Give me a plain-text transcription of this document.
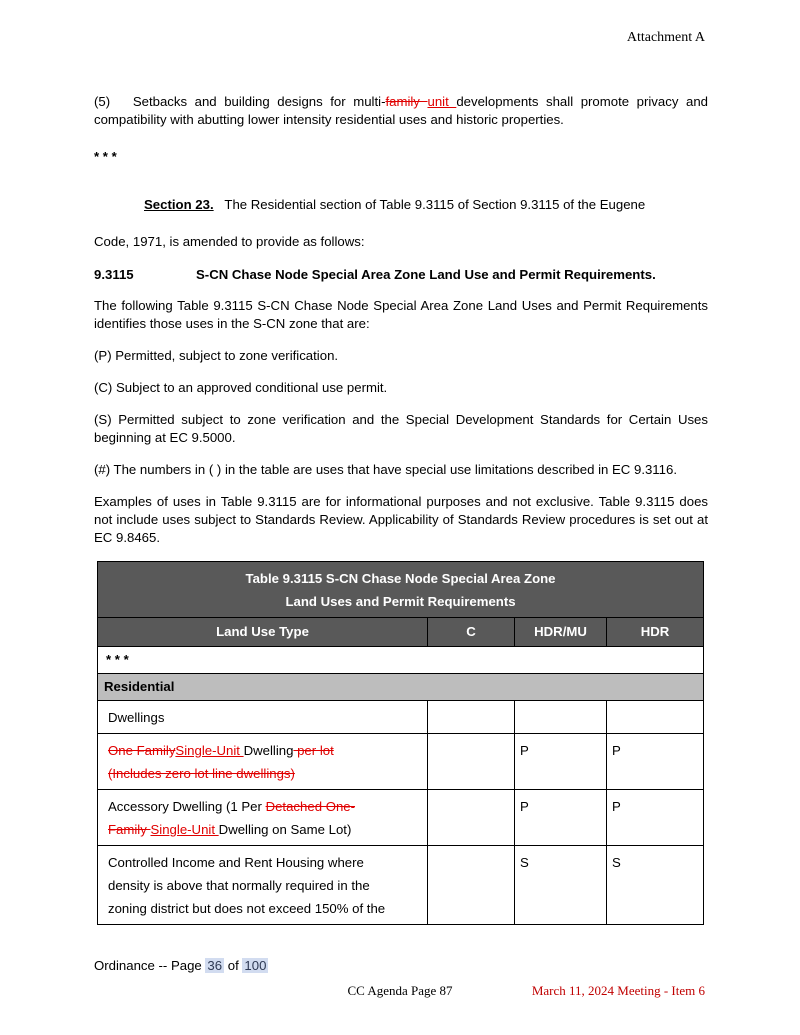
Attachment A
(5)   Setbacks and building designs for multi-family unit developments shall promote privacy and compatibility with abutting lower intensity residential uses and historic properties.
* * *
Section 23.   The Residential section of Table 9.3115 of Section 9.3115 of the Eugene
Code, 1971, is amended to provide as follows:
9.3115	S-CN Chase Node Special Area Zone Land Use and Permit Requirements.
The following Table 9.3115 S-CN Chase Node Special Area Zone Land Uses and Permit Requirements identifies those uses in the S-CN zone that are:
(P) Permitted, subject to zone verification.
(C) Subject to an approved conditional use permit.
(S) Permitted subject to zone verification and the Special Development Standards for Certain Uses beginning at EC 9.5000.
(#) The numbers in ( ) in the table are uses that have special use limitations described in EC 9.3116.
Examples of uses in Table 9.3115 are for informational purposes and not exclusive. Table 9.3115 does not include uses subject to Standards Review. Applicability of Standards Review procedures is set out at EC 9.8465.
Table 9.3115 S-CN Chase Node Special Area Zone
Land Uses and Permit Requirements			

Land Use Type	C	HDR/MU	HDR
* * *			
Residential			
Dwellings			

One FamilySingle-Unit Dwelling per lot
(Includes zero lot line dwellings)		P	P

Accessory Dwelling (1 Per Detached One-
Family Single-Unit Dwelling on Same Lot)		P	P

Controlled Income and Rent Housing where
density is above that normally required in the
zoning district but does not exceed 150% of the		S	S
Ordinance -- Page 36 of 100
CC Agenda Page 87	March 11, 2024 Meeting - Item 6
